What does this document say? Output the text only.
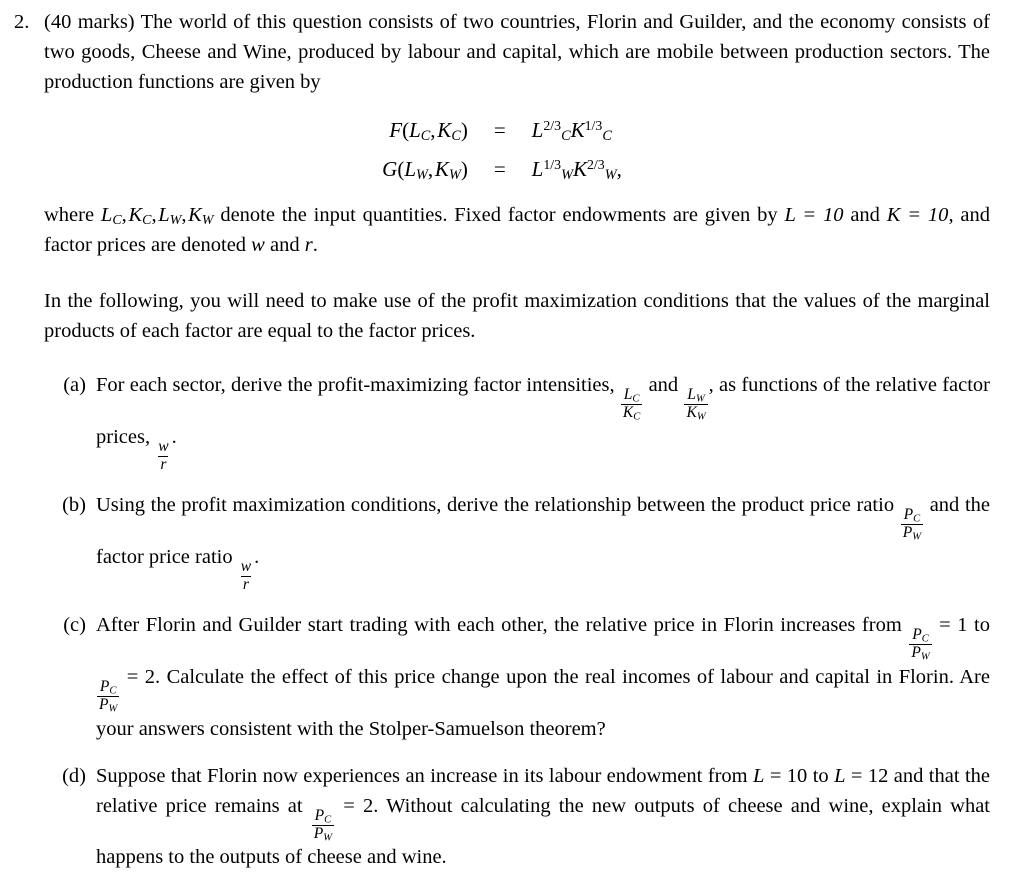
2. (40 marks) The world of this question consists of two countries, Florin and Guilder, and the economy consists of two goods, Cheese and Wine, produced by labour and capital, which are mobile between production sectors. The production functions are given by

$F(L_C$, $K_C) = L^{2/3}_CK^{1/3}_C$
$G(L_W$, $K_W) = L^{1/3}_WK^{2/3}_W$,

where $L_C$, $K_C$, $L_W$, $K_W$ denote the input quantities. Fixed factor endowments are given by L = 10 and K = 10, and factor prices are denoted w and r.

In the following, you will need to make use of the profit maximization conditions that the values of the marginal products of each factor are equal to the factor prices.

(a) For each sector, derive the profit-maximizing factor intensities,
$\frac{L_C}{K_C}$
and
$\frac{L_W}{K_W}$
, as functions of the relative factor prices,
$\frac{w}{r}$
.
(b) Using the profit maximization conditions, derive the relationship between the product price ratio
$\frac{P_C}{P_W}$
and the factor price ratio
$\frac{w}{r}$
.
(c) After Florin and Guilder start trading with each other, the relative price in Florin increases from
$\frac{P_C}{P_W}$
= 1 to
$\frac{P_C}{P_W}$
= 2. Calculate the effect of this price change upon the real incomes of labour and capital in Florin. Are your answers consistent with the Stolper-Samuelson theorem?
(d) Suppose that Florin now experiences an increase in its labour endowment from L = 10 to L = 12 and that the relative price remains at
$\frac{P_C}{P_W}$
= 2. Without calculating the new outputs of cheese and wine, explain what happens to the outputs of cheese and wine.
